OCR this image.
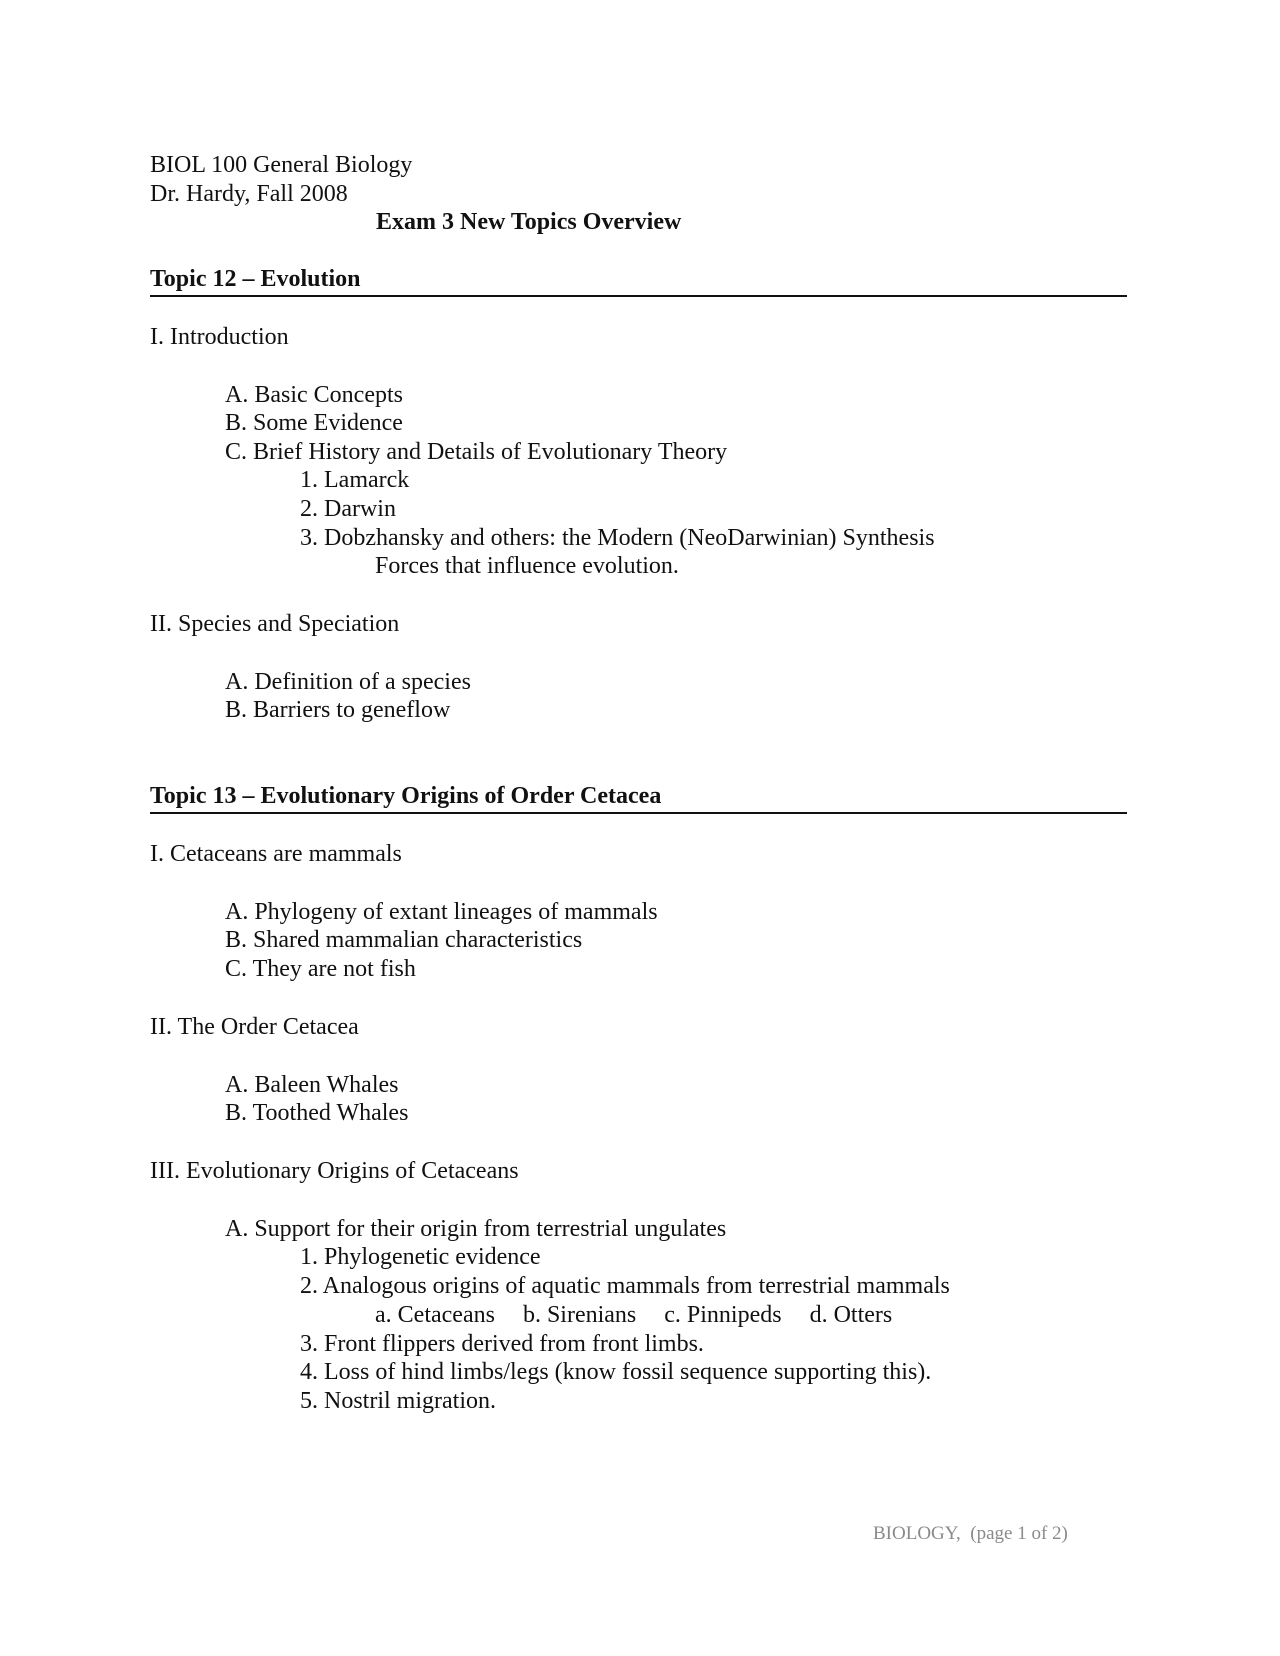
BIOL 100 General Biology
Dr. Hardy, Fall 2008
Exam 3 New Topics Overview
Topic 12 – Evolution
I. Introduction
A. Basic Concepts
B. Some Evidence
C. Brief History and Details of Evolutionary Theory
1. Lamarck
2. Darwin
3. Dobzhansky and others: the Modern (NeoDarwinian) Synthesis
Forces that influence evolution.
II. Species and Speciation
A. Definition of a species
B. Barriers to geneflow
Topic 13 – Evolutionary Origins of Order Cetacea
I. Cetaceans are mammals
A. Phylogeny of extant lineages of mammals
B. Shared mammalian characteristics
C. They are not fish
II. The Order Cetacea
A. Baleen Whales
B. Toothed Whales
III. Evolutionary Origins of Cetaceans
A. Support for their origin from terrestrial ungulates
1. Phylogenetic evidence
2. Analogous origins of aquatic mammals from terrestrial mammals
a. Cetaceans b. Sirenians c. Pinnipeds d. Otters
3. Front flippers derived from front limbs.
4. Loss of hind limbs/legs (know fossil sequence supporting this).
5. Nostril migration.
BIOLOGY,  (page 1 of 2)
